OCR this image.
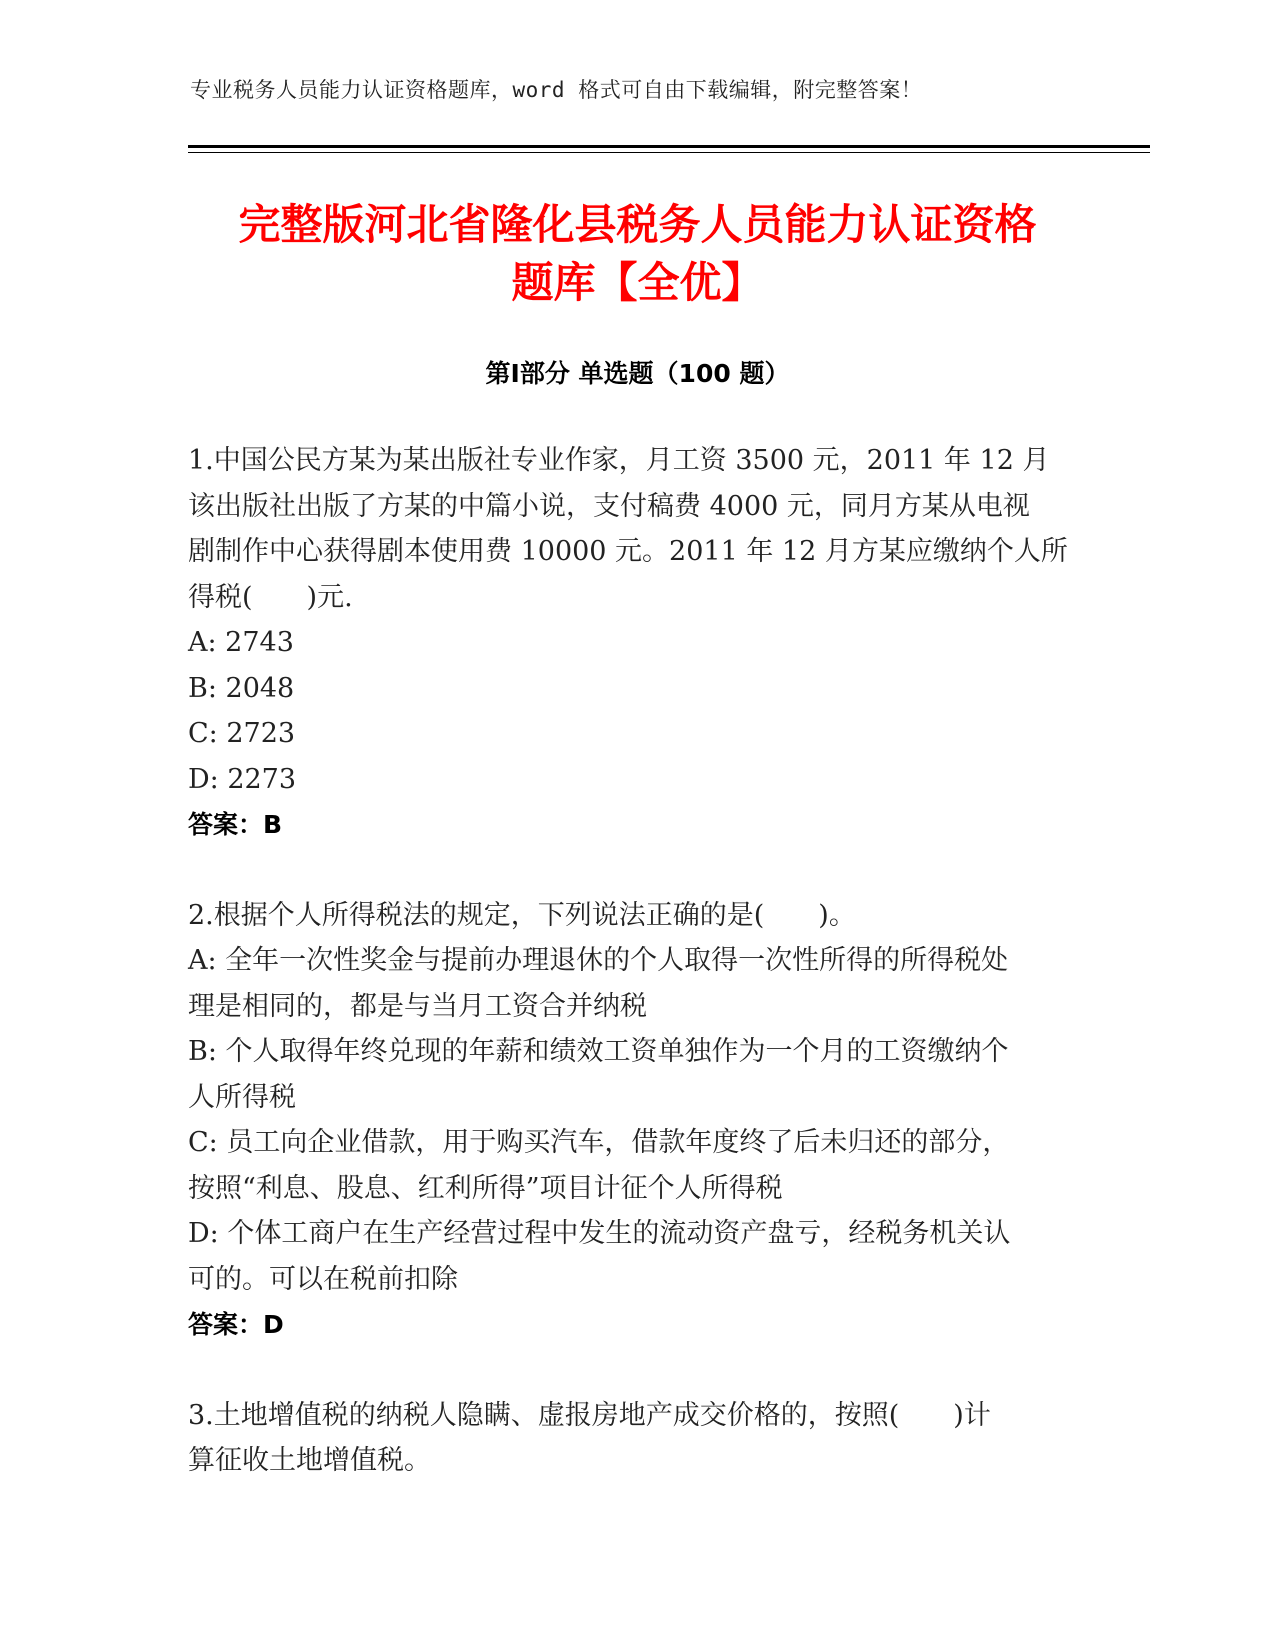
专业税务人员能力认证资格题库，word 格式可自由下载编辑，附完整答案！
完整版河北省隆化县税务人员能力认证资格
题库【全优】
第Ⅰ部分 单选题（100 题）
1.中国公民方某为某出版社专业作家，月工资 3500 元，2011 年 12 月
该出版社出版了方某的中篇小说，支付稿费 4000 元，同月方某从电视
剧制作中心获得剧本使用费 10000 元。2011 年 12 月方某应缴纳个人所
得税(　　)元.
A: 2743
B: 2048
C: 2723
D: 2273
答案：B
2.根据个人所得税法的规定，下列说法正确的是(　　)。
A: 全年一次性奖金与提前办理退休的个人取得一次性所得的所得税处
理是相同的，都是与当月工资合并纳税
B: 个人取得年终兑现的年薪和绩效工资单独作为一个月的工资缴纳个
人所得税
C: 员工向企业借款，用于购买汽车，借款年度终了后未归还的部分，
按照“利息、股息、红利所得”项目计征个人所得税
D: 个体工商户在生产经营过程中发生的流动资产盘亏，经税务机关认
可的。可以在税前扣除
答案：D
3.土地增值税的纳税人隐瞒、虚报房地产成交价格的，按照(　　)计
算征收土地增值税。
